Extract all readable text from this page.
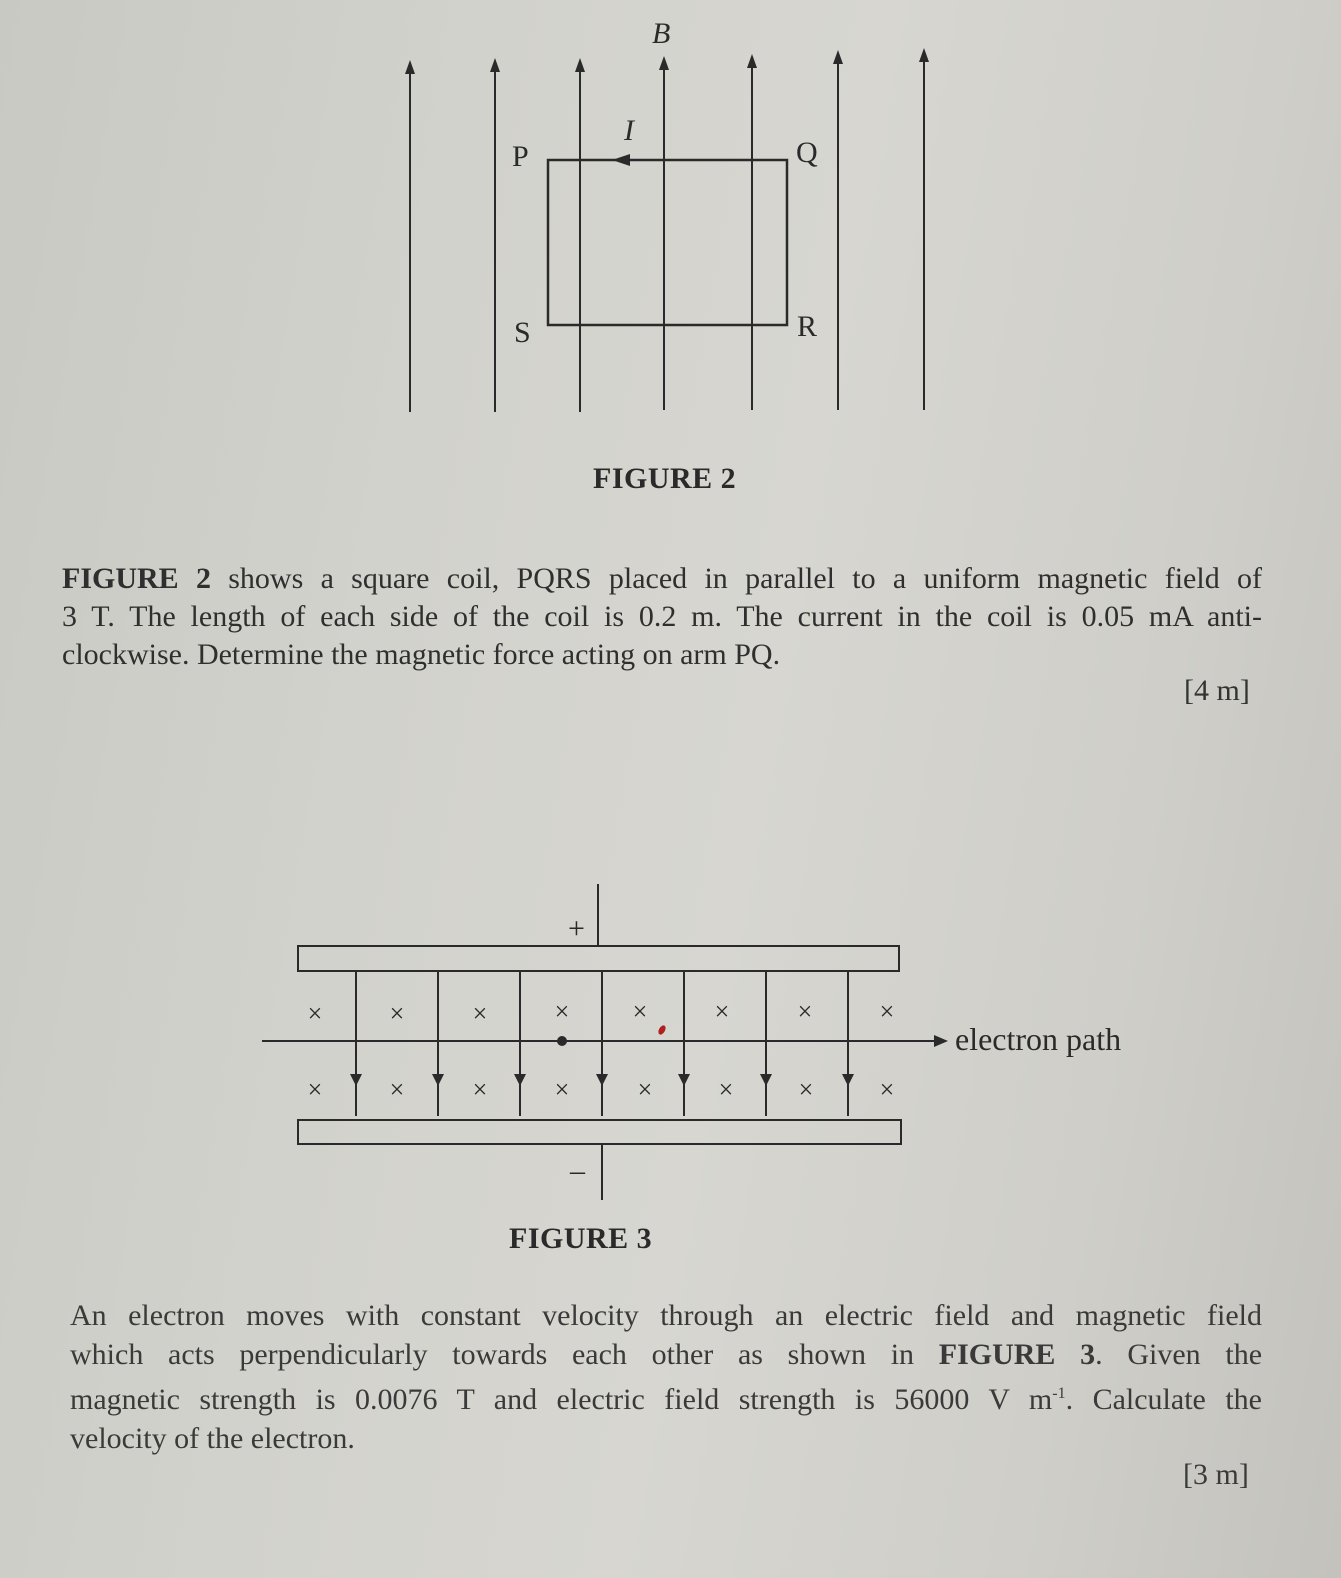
B
I
P	Q
S	R
FIGURE 2
FIGURE 2 shows a square coil, PQRS placed in parallel to a uniform magnetic field of
3 T. The length of each side of the coil is 0.2 m. The current in the coil is 0.05 mA anti-
clockwise. Determine the magnetic force acting on arm PQ.
[4 m]
+
–
×	×	×	× ×	×	×	×
×	×	×	×	×	×	×	×
electron path
FIGURE 3
An electron moves with constant velocity through an electric field and magnetic field
which acts perpendicularly towards each other as shown in FIGURE 3. Given the
magnetic strength is 0.0076 T and electric field strength is 56000 V $m^{-1}$. Calculate the
velocity of the electron.
[3 m]
